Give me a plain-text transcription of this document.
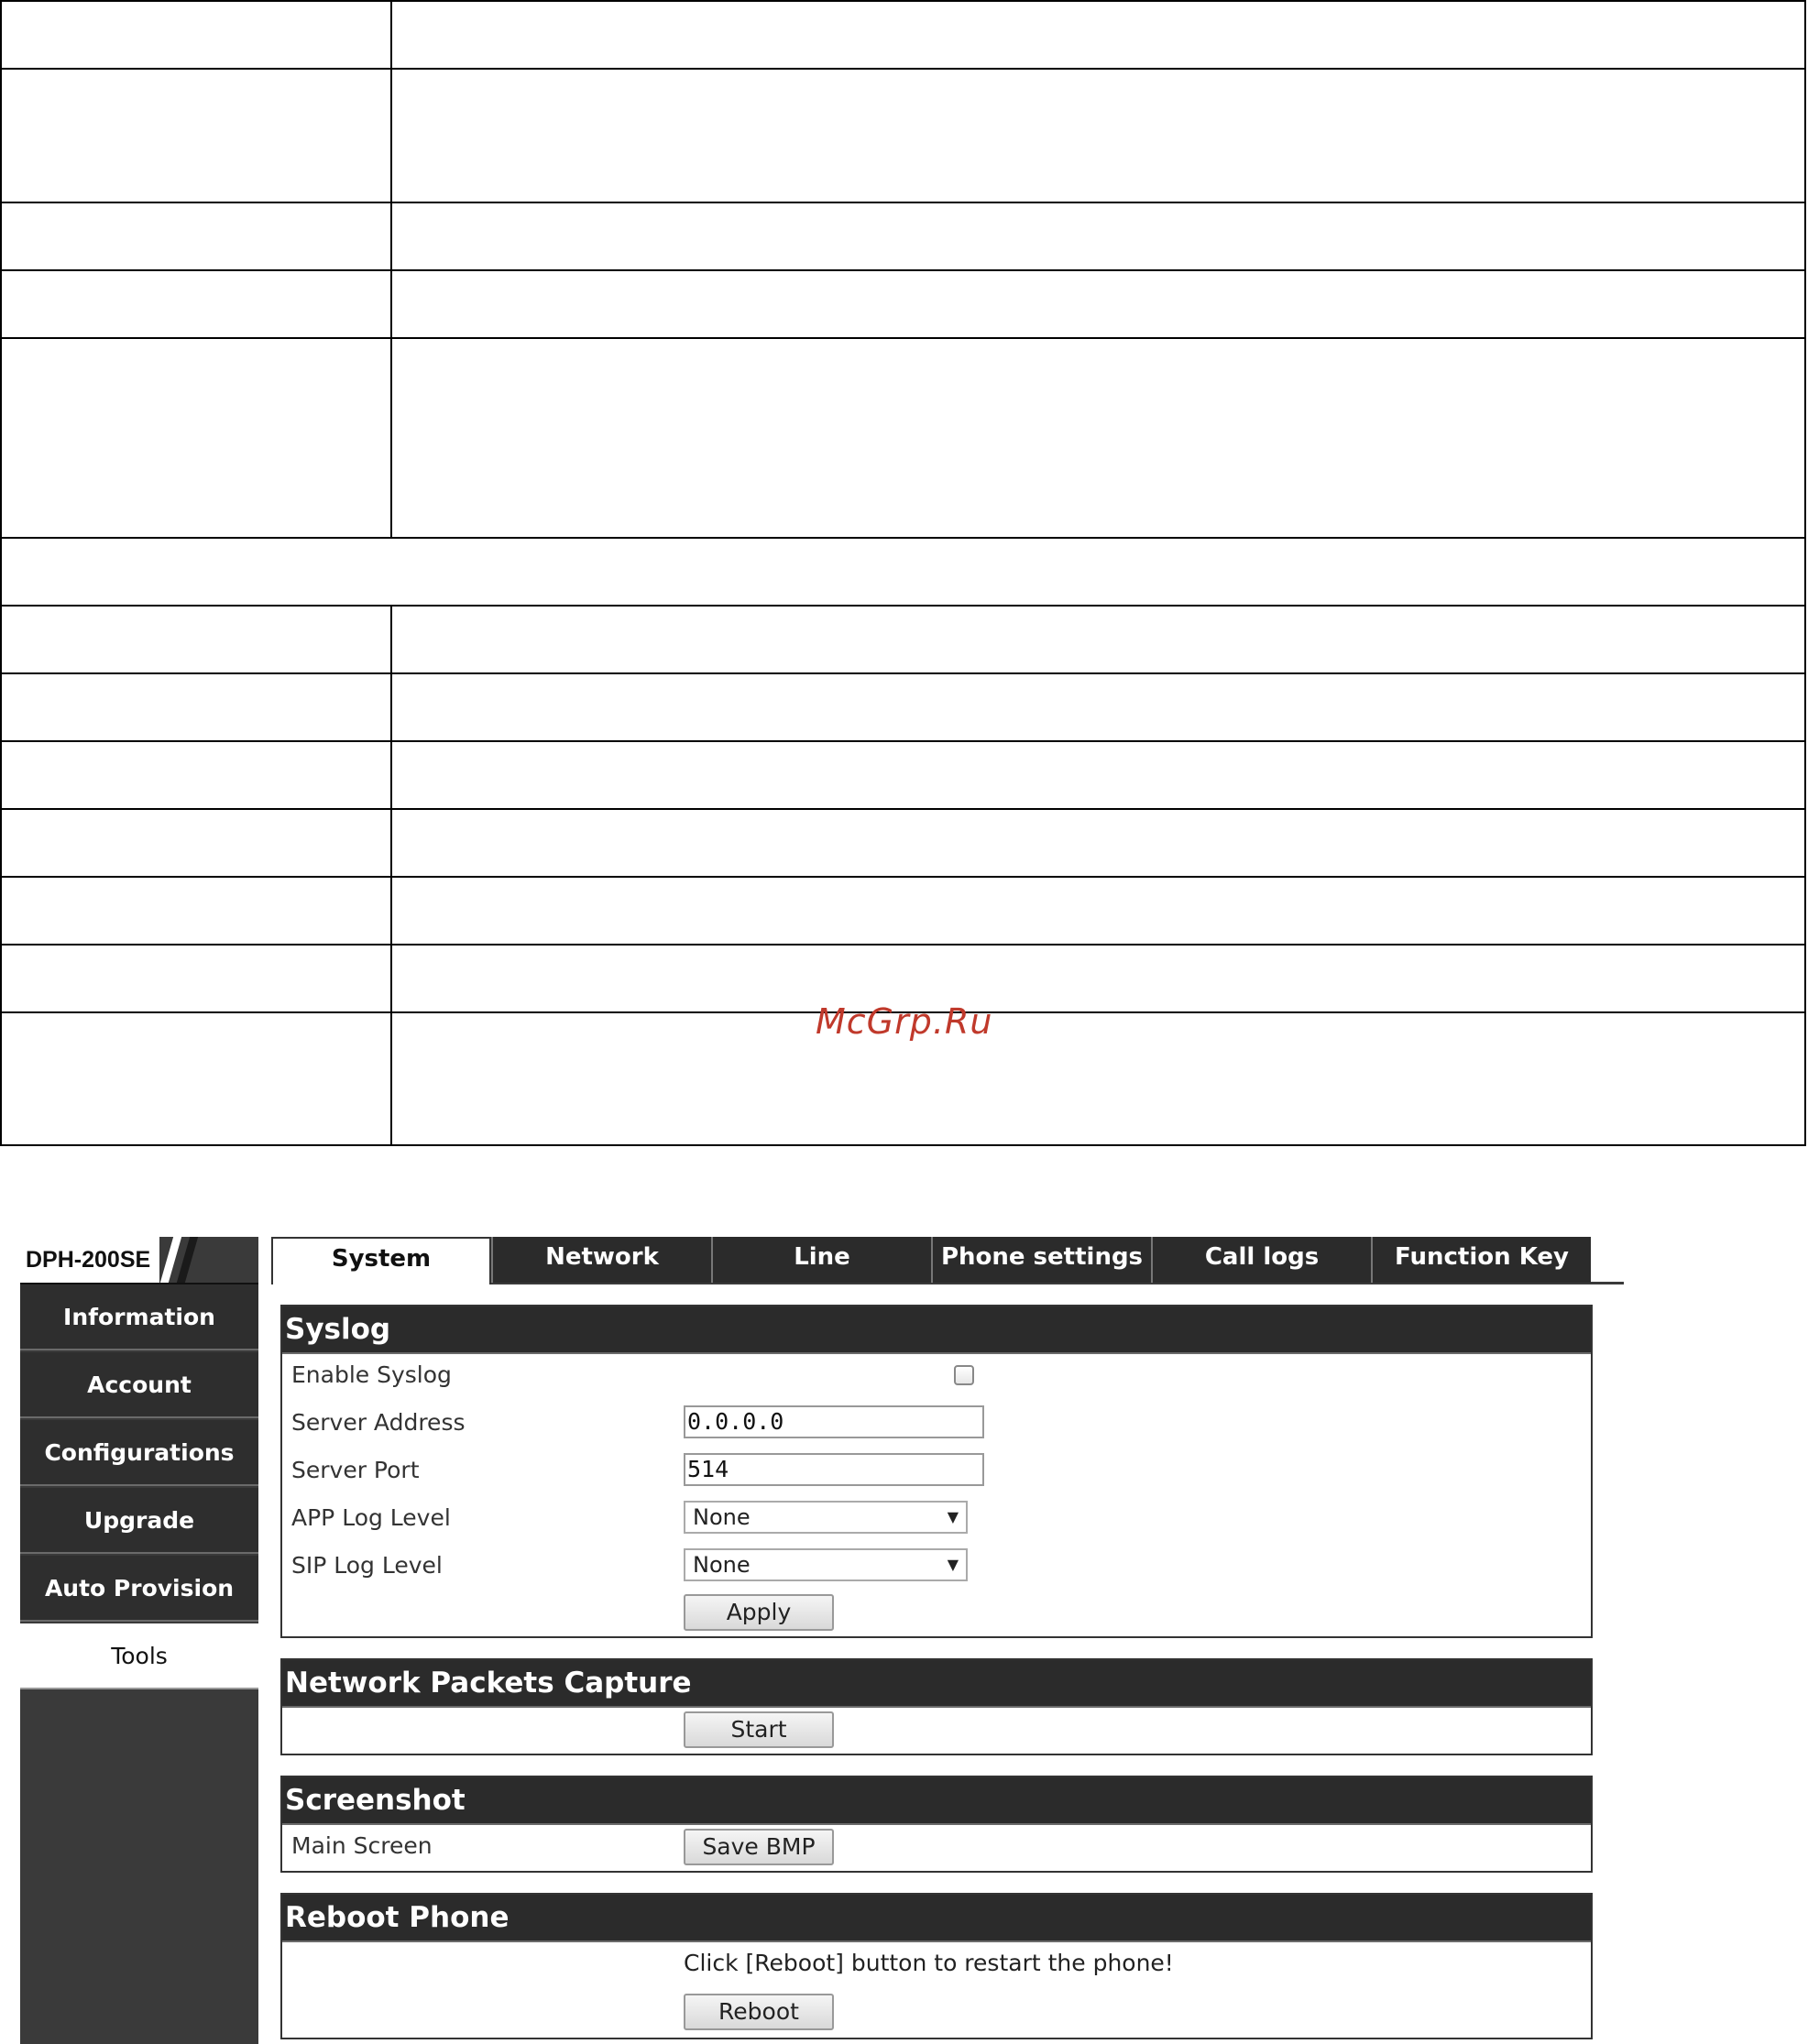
McGrp.Ru
DPH-200SE	System	Network	Line	Phone settings	Call logs	Function Key
Information
Account
Configurations
Upgrade
Auto Provision
Tools
Syslog
Enable Syslog
Server Address	0.0.0.0
Server Port	514
APP Log Level	None	▼
SIP Log Level	None	▼
Apply
Network Packets Capture
Start
Screenshot
Main Screen	Save BMP
Reboot Phone
Click [Reboot] button to restart the phone!
Reboot
